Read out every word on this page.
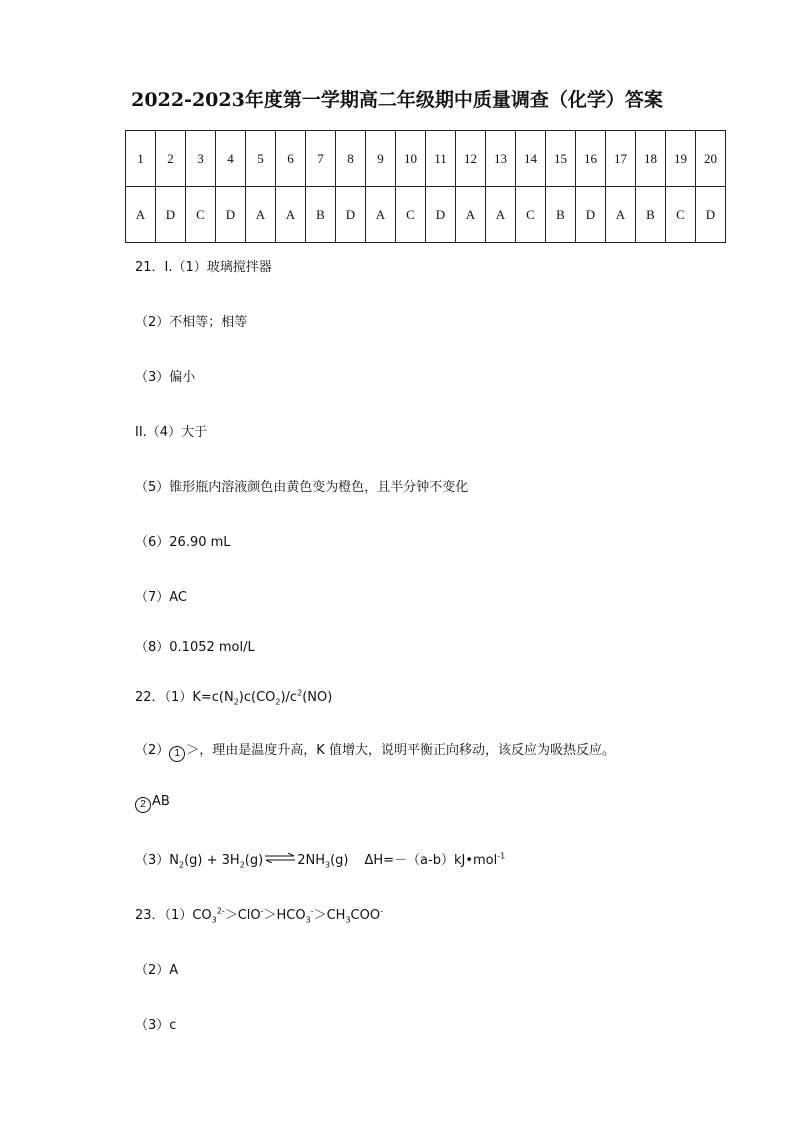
2022-2023年度第一学期高二年级期中质量调查（化学）答案
1	2	3	4	5	6	7	8	9	10	11	12	13	14	15	16	17	18	19	20
A	D	C	D	A	A	B	D	A	C	D	A	A	C	B	D	A	B	C	D
21．I.（1）玻璃搅拌器
（2）不相等；相等
（3）偏小
II.（4）大于
（5）锥形瓶内溶液颜色由黄色变为橙色，且半分钟不变化
（6）26.90 mL
（7）AC
（8）0.1052 mol/L
22．$(1)K=c(N_2)c(CO_2)/c^2(NO)$
（2） 1 ＞，理由是温度升高，K 值增大，说明平衡正向移动，该反应为吸热反应。
2 AB
$(3)N_2(g)$ + $3H_2(g)\rightleftharpoons 2NH_3(g)$ ΔH=－（a-b）kJ•mol$^{-1}$
23．$(1)CO_3^{2-}>ClO^->HCO_3^->CH_3COO^-$
（2）A
（3）c
